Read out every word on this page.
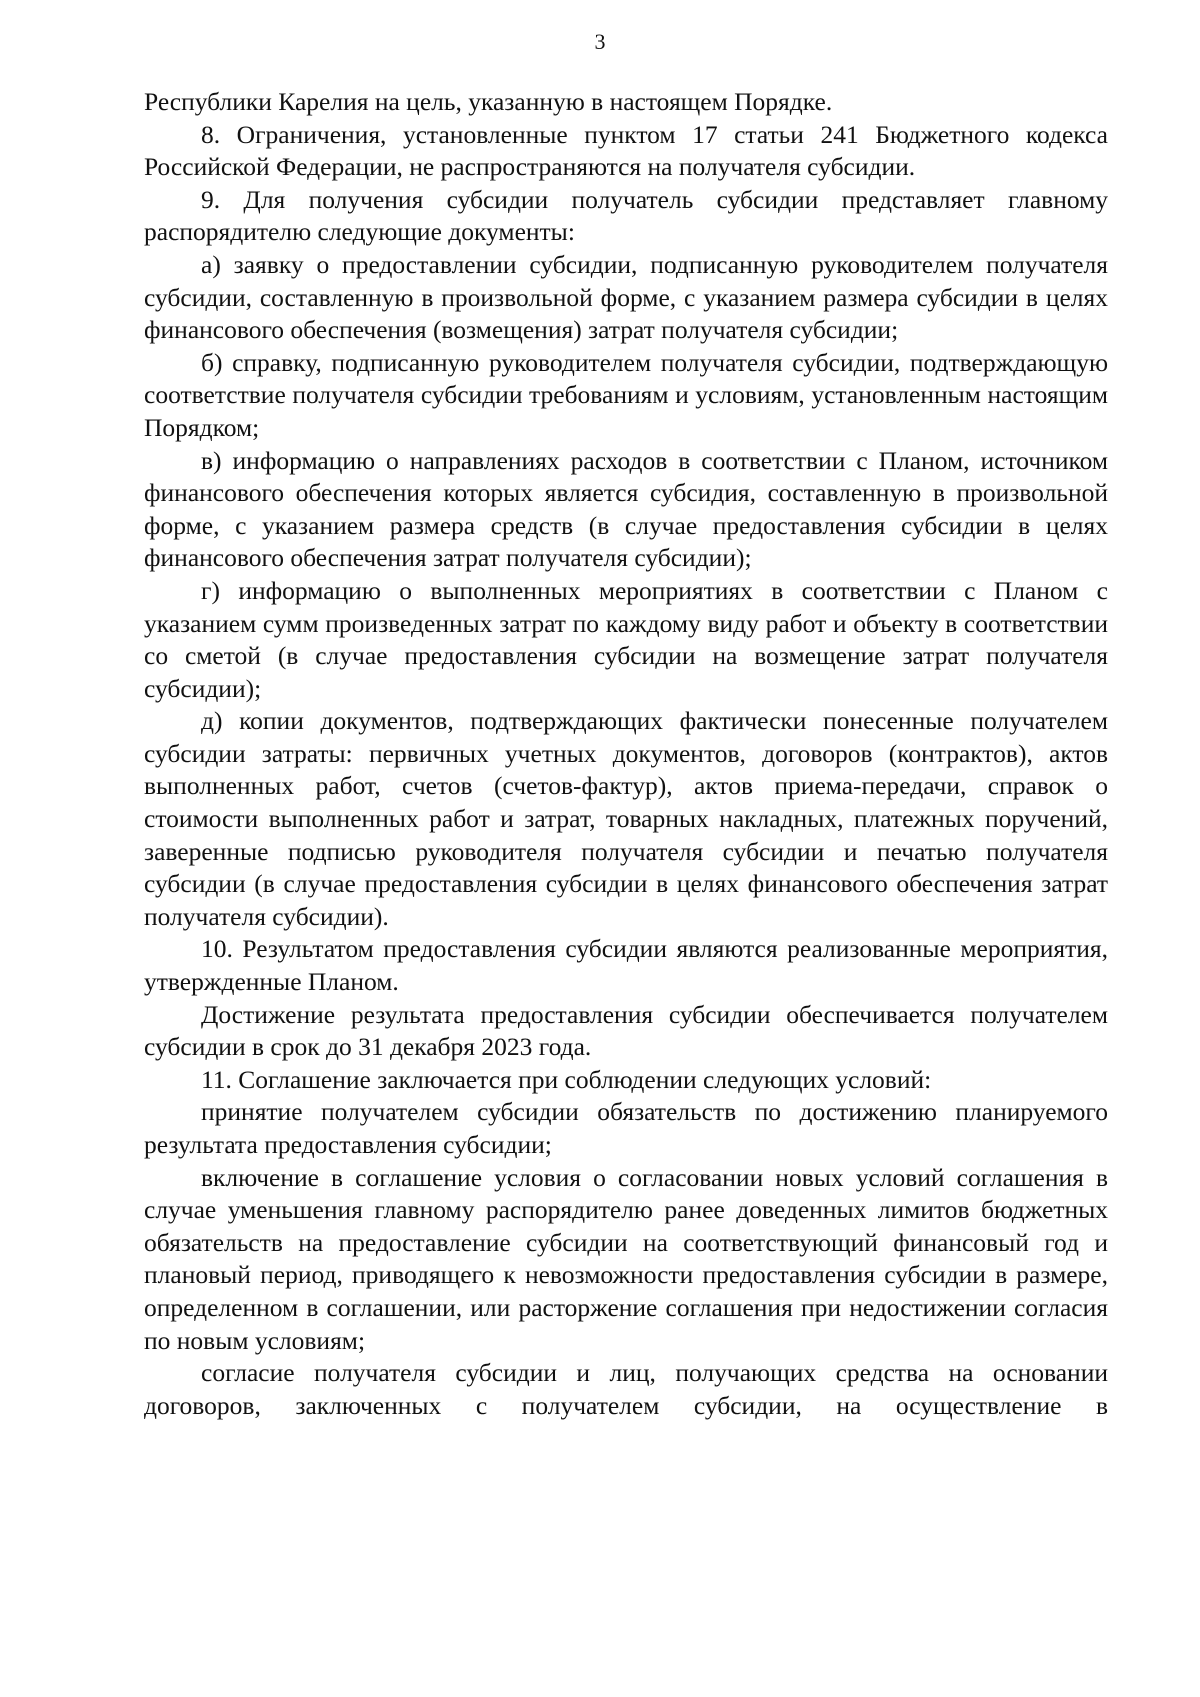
3

Республики Карелия на цель, указанную в настоящем Порядке.

8. Ограничения, установленные пунктом 17 статьи 241 Бюджетного кодекса Российской Федерации, не распространяются на получателя субсидии.

9. Для получения субсидии получатель субсидии представляет главному распорядителю следующие документы:

а) заявку о предоставлении субсидии, подписанную руководителем получателя субсидии, составленную в произвольной форме, с указанием размера субсидии в целях финансового обеспечения (возмещения) затрат получателя субсидии;

б) справку, подписанную руководителем получателя субсидии, подтверждающую соответствие получателя субсидии требованиям и условиям, установленным настоящим Порядком;

в) информацию о направлениях расходов в соответствии с Планом, источником финансового обеспечения которых является субсидия, составленную в произвольной форме, с указанием размера средств (в случае предоставления субсидии в целях финансового обеспечения затрат получателя субсидии);

г) информацию о выполненных мероприятиях в соответствии с Планом с указанием сумм произведенных затрат по каждому виду работ и объекту в соответствии со сметой (в случае предоставления субсидии на возмещение затрат получателя субсидии);

д) копии документов, подтверждающих фактически понесенные получателем субсидии затраты: первичных учетных документов, договоров (контрактов), актов выполненных работ, счетов (счетов-фактур), актов приема-передачи, справок о стоимости выполненных работ и затрат, товарных накладных, платежных поручений, заверенные подписью руководителя получателя субсидии и печатью получателя субсидии (в случае предоставления субсидии в целях финансового обеспечения затрат получателя субсидии).

10. Результатом предоставления субсидии являются реализованные мероприятия, утвержденные Планом.

Достижение результата предоставления субсидии обеспечивается получателем субсидии в срок до 31 декабря 2023 года.

11. Соглашение заключается при соблюдении следующих условий:

принятие получателем субсидии обязательств по достижению планируемого результата предоставления субсидии;

включение в соглашение условия о согласовании новых условий соглашения в случае уменьшения главному распорядителю ранее доведенных лимитов бюджетных обязательств на предоставление субсидии на соответствующий финансовый год и плановый период, приводящего к невозможности предоставления субсидии в размере, определенном в соглашении, или расторжение соглашения при недостижении согласия по новым условиям;

согласие получателя субсидии и лиц, получающих средства на основании договоров, заключенных с получателем субсидии, на осуществление в
